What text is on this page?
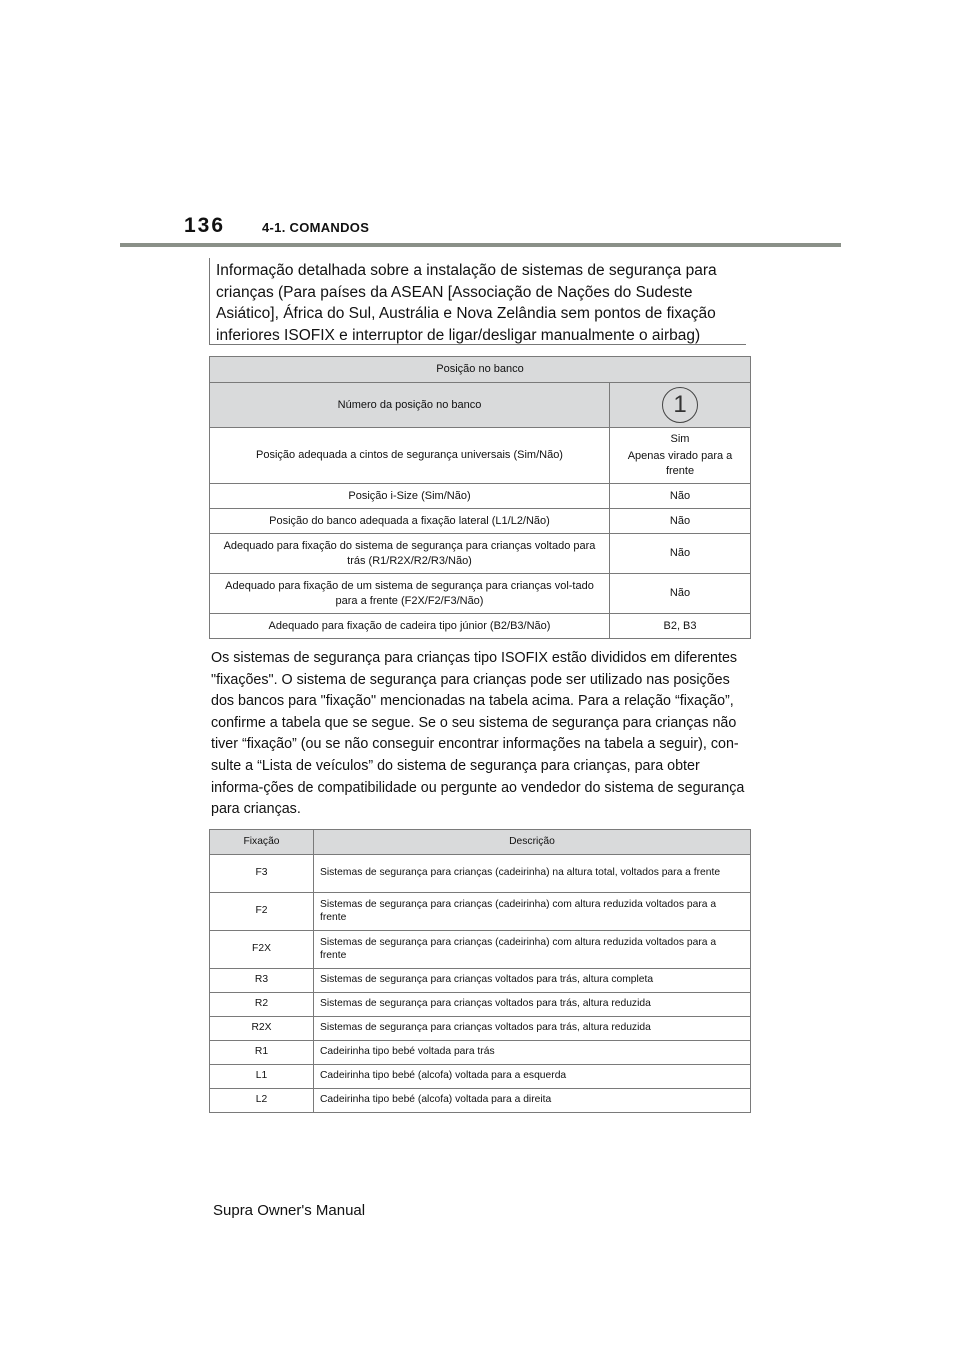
136	4-1. COMANDOS
Informação detalhada sobre a instalação de sistemas de segurança para crianças (Para países da ASEAN [Associação de Nações do Sudeste Asiático], África do Sul, Austrália e Nova Zelândia sem pontos de fixação inferiores ISOFIX e interruptor de ligar/desligar manualmente o airbag)
Posição no banco	
Número da posição no banco	1
Posição adequada a cintos de segurança universais (Sim/Não)	Sim
Apenas virado para a frente

Posição i-Size (Sim/Não)	Não
Posição do banco adequada a fixação lateral (L1/L2/Não)	Não
Adequado para fixação do sistema de segurança para crianças voltado para trás (R1/R2X/R2/R3/Não)	Não
Adequado para fixação de um sistema de segurança para crianças vol-tado para a frente (F2X/F2/F3/Não)	Não
Adequado para fixação de cadeira tipo júnior (B2/B3/Não)	B2, B3

Os sistemas de segurança para crianças tipo ISOFIX estão divididos em diferentes "fixações". O sistema de segurança para crianças pode ser utilizado nas posições dos bancos para "fixação" mencionadas na tabela acima. Para a relação “fixação”, confirme a tabela que se segue. Se o seu sistema de segurança para crianças não tiver “fixação” (ou se não conseguir encontrar informações na tabela a seguir), con-sulte a “Lista de veículos” do sistema de segurança para crianças, para obter informa-ções de compatibilidade ou pergunte ao vendedor do sistema de segurança para crianças.

Fixação	Descrição
F3	Sistemas de segurança para crianças (cadeirinha) na altura total, voltados para a frente
F2	Sistemas de segurança para crianças (cadeirinha) com altura reduzida voltados para a frente
F2X	Sistemas de segurança para crianças (cadeirinha) com altura reduzida voltados para a frente
R3	Sistemas de segurança para crianças voltados para trás, altura completa
R2	Sistemas de segurança para crianças voltados para trás, altura reduzida
R2X	Sistemas de segurança para crianças voltados para trás, altura reduzida
R1	Cadeirinha tipo bebé voltada para trás
L1	Cadeirinha tipo bebé (alcofa) voltada para a esquerda
L2	Cadeirinha tipo bebé (alcofa) voltada para a direita
Supra Owner's Manual
